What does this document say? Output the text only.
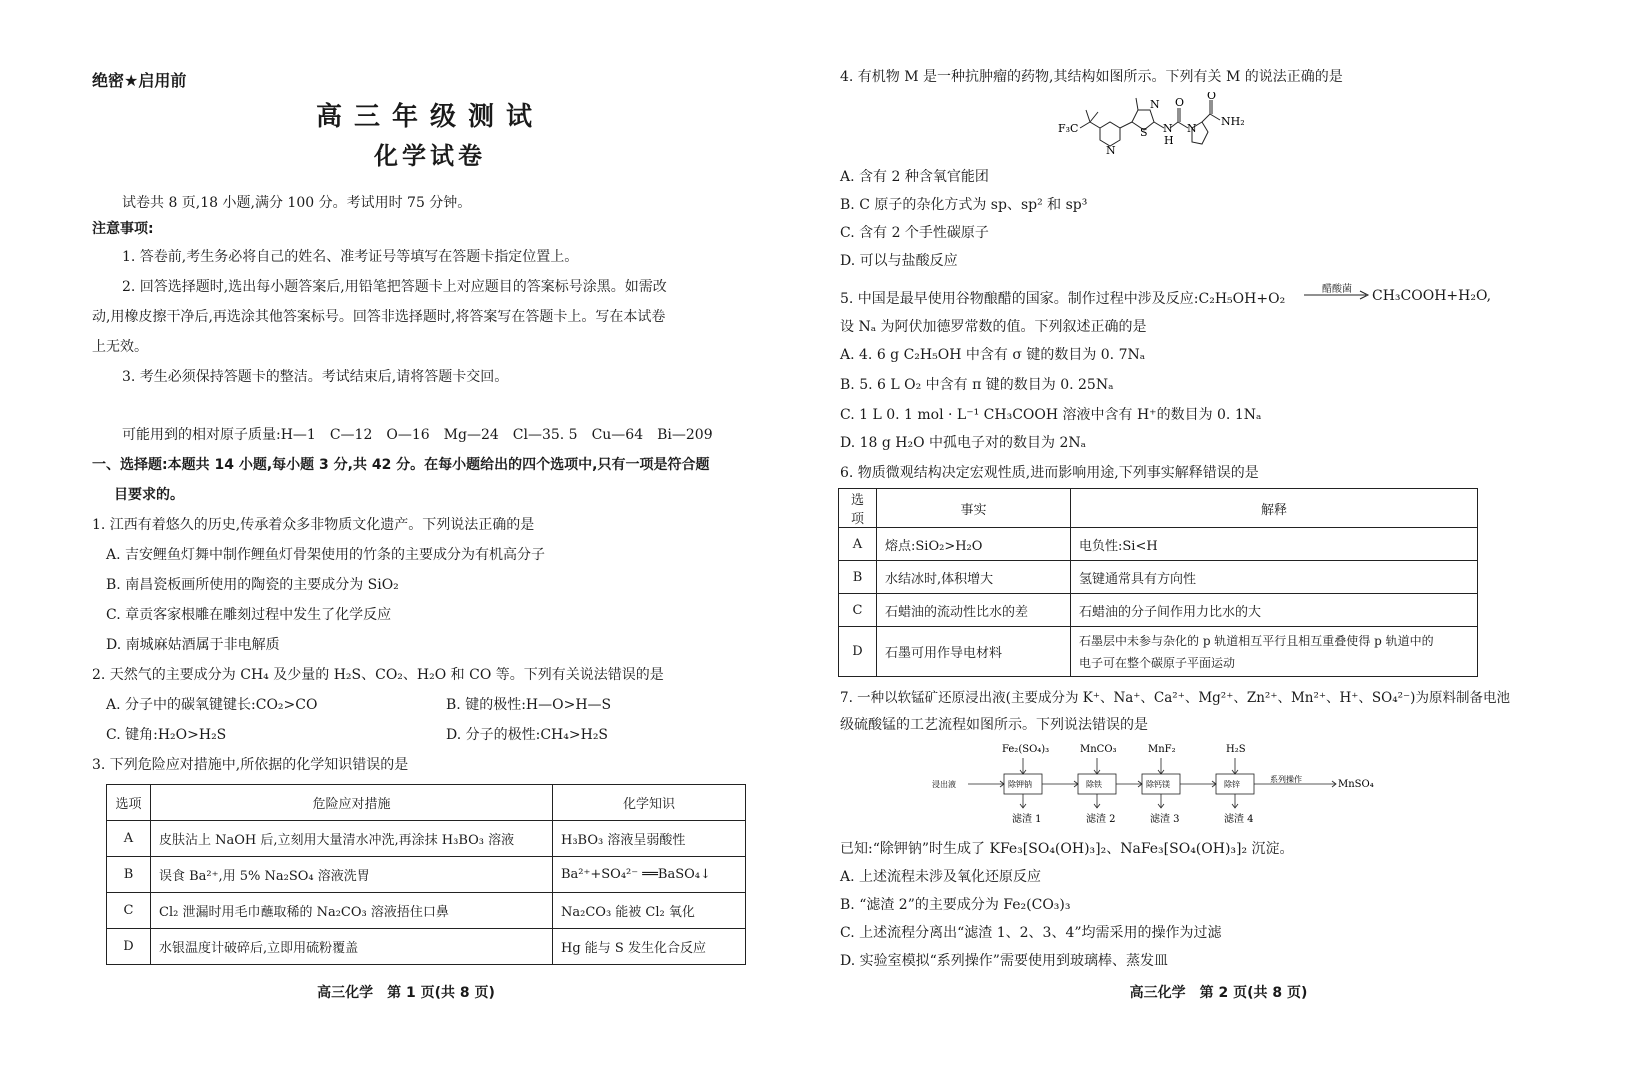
绝密★启用前
高三年级测试
化学试卷
试卷共 8 页,18 小题,满分 100 分。考试用时 75 分钟。
注意事项:
1. 答卷前,考生务必将自己的姓名、准考证号等填写在答题卡指定位置上。
2. 回答选择题时,选出每小题答案后,用铅笔把答题卡上对应题目的答案标号涂黑。如需改
动,用橡皮擦干净后,再选涂其他答案标号。回答非选择题时,将答案写在答题卡上。写在本试卷
上无效。
3. 考生必须保持答题卡的整洁。考试结束后,请将答题卡交回。
可能用到的相对原子质量:H—1　C—12　O—16　Mg—24　Cl—35. 5　Cu—64　Bi—209
一、选择题:本题共 14 小题,每小题 3 分,共 42 分。在每小题给出的四个选项中,只有一项是符合题
目要求的。
1. 江西有着悠久的历史,传承着众多非物质文化遗产。下列说法正确的是
A. 吉安鲤鱼灯舞中制作鲤鱼灯骨架使用的竹条的主要成分为有机高分子
B. 南昌瓷板画所使用的陶瓷的主要成分为 SiO₂
C. 章贡客家根雕在雕刻过程中发生了化学反应
D. 南城麻姑酒属于非电解质
2. 天然气的主要成分为 CH₄ 及少量的 H₂S、CO₂、H₂O 和 CO 等。下列有关说法错误的是
A. 分子中的碳氧键键长:CO₂>CO	B. 键的极性:H—O>H—S
C. 键角:H₂O>H₂S	D. 分子的极性:CH₄>H₂S
3. 下列危险应对措施中,所依据的化学知识错误的是
选项	危险应对措施	化学知识
A	皮肤沾上 NaOH 后,立刻用大量清水冲洗,再涂抹 H₃BO₃ 溶液	H₃BO₃ 溶液呈弱酸性
B	误食 Ba²⁺,用 5% Na₂SO₄ 溶液洗胃	Ba²⁺+SO₄²⁻ ══BaSO₄↓
C	Cl₂ 泄漏时用毛巾蘸取稀的 Na₂CO₃ 溶液捂住口鼻	Na₂CO₃ 能被 Cl₂ 氧化
D	水银温度计破碎后,立即用硫粉覆盖	Hg 能与 S 发生化合反应
高三化学　第 1 页(共 8 页)
4. 有机物 M 是一种抗肿瘤的药物,其结构如图所示。下列有关 M 的说法正确的是
F₃C
N
S
N
N
H
O
N
O
NH₂
A. 含有 2 种含氧官能团
B. C 原子的杂化方式为 sp、sp² 和 sp³
C. 含有 2 个手性碳原子
D. 可以与盐酸反应
5. 中国是最早使用谷物酿醋的国家。制作过程中涉及反应:C₂H₅OH+O₂
醋酸菌	CH₃COOH+H₂O,
设 Nₐ 为阿伏加德罗常数的值。下列叙述正确的是
A. 4. 6 g C₂H₅OH 中含有 σ 键的数目为 0. 7Nₐ
B. 5. 6 L O₂ 中含有 π 键的数目为 0. 25Nₐ
C. 1 L 0. 1 mol · L⁻¹ CH₃COOH 溶液中含有 H⁺的数目为 0. 1Nₐ
D. 18 g H₂O 中孤电子对的数目为 2Nₐ
6. 物质微观结构决定宏观性质,进而影响用途,下列事实解释错误的是
选项	事实	解释
A	熔点:SiO₂>H₂O	电负性:Si<H
B	水结冰时,体积增大	氢键通常具有方向性
C	石蜡油的流动性比水的差	石蜡油的分子间作用力比水的大
D	石墨可用作导电材料	石墨层中未参与杂化的 p 轨道相互平行且相互重叠使得 p 轨道中的
电子可在整个碳原子平面运动
7. 一种以软锰矿还原浸出液(主要成分为 K⁺、Na⁺、Ca²⁺、Mg²⁺、Zn²⁺、Mn²⁺、H⁺、SO₄²⁻)为原料制备电池
级硫酸锰的工艺流程如图所示。下列说法错误的是
Fe₂(SO₄)₃	MnCO₃	MnF₂	H₂S
浸出液	除钾钠	除铁	除钙镁	除锌
系列操作	MnSO₄
滤渣 1	滤渣 2	滤渣 3	滤渣 4
已知:“除钾钠”时生成了 KFe₃[SO₄(OH)₃]₂、NaFe₃[SO₄(OH)₃]₂ 沉淀。
A. 上述流程未涉及氧化还原反应
B. “滤渣 2”的主要成分为 Fe₂(CO₃)₃
C. 上述流程分离出“滤渣 1、2、3、4”均需采用的操作为过滤
D. 实验室模拟“系列操作”需要使用到玻璃棒、蒸发皿
高三化学　第 2 页(共 8 页)
